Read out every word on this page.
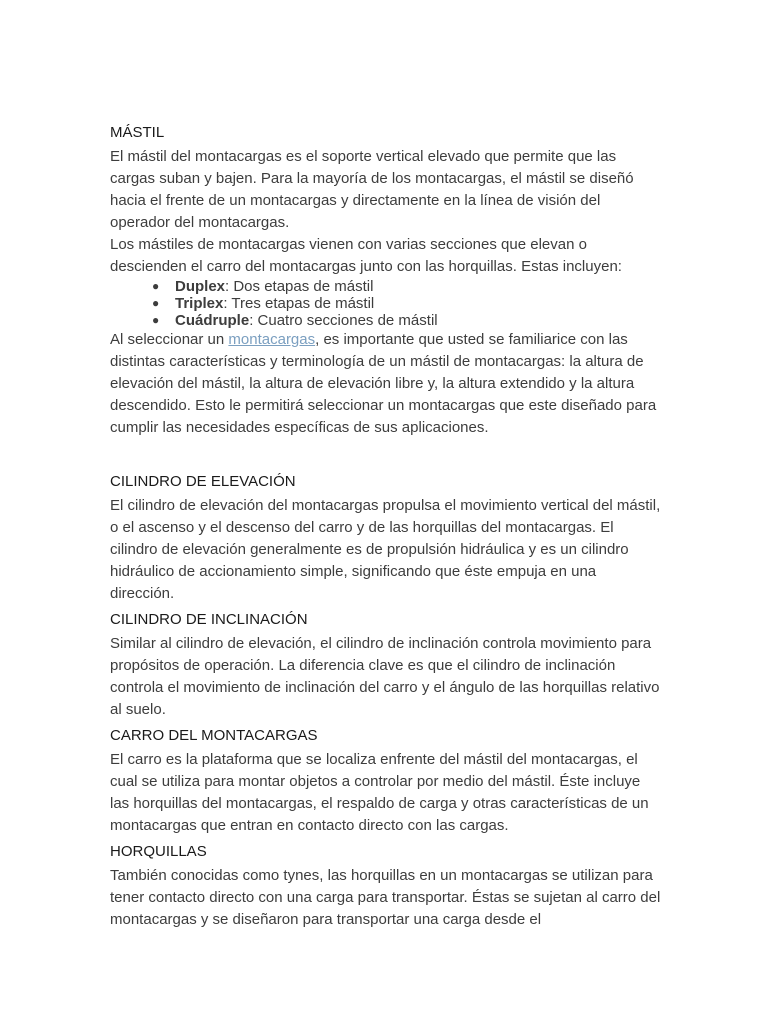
MÁSTIL

El mástil del montacargas es el soporte vertical elevado que permite que las cargas suban y bajen. Para la mayoría de los montacargas, el mástil se diseñó hacia el frente de un montacargas y directamente en la línea de visión del operador del montacargas.

Los mástiles de montacargas vienen con varias secciones que elevan o descienden el carro del montacargas junto con las horquillas. Estas incluyen:

● Duplex: Dos etapas de mástil
● Triplex: Tres etapas de mástil
● Cuádruple: Cuatro secciones de mástil

Al seleccionar un montacargas, es importante que usted se familiarice con las distintas características y terminología de un mástil de montacargas: la altura de elevación del mástil, la altura de elevación libre y, la altura extendido y la altura descendido. Esto le permitirá seleccionar un montacargas que este diseñado para cumplir las necesidades específicas de sus aplicaciones.

CILINDRO DE ELEVACIÓN

El cilindro de elevación del montacargas propulsa el movimiento vertical del mástil, o el ascenso y el descenso del carro y de las horquillas del montacargas. El cilindro de elevación generalmente es de propulsión hidráulica y es un cilindro hidráulico de accionamiento simple, significando que éste empuja en una dirección.

CILINDRO DE INCLINACIÓN

Similar al cilindro de elevación, el cilindro de inclinación controla movimiento para propósitos de operación. La diferencia clave es que el cilindro de inclinación controla el movimiento de inclinación del carro y el ángulo de las horquillas relativo al suelo.

CARRO DEL MONTACARGAS

El carro es la plataforma que se localiza enfrente del mástil del montacargas, el cual se utiliza para montar objetos a controlar por medio del mástil. Éste incluye las horquillas del montacargas, el respaldo de carga y otras características de un montacargas que entran en contacto directo con las cargas.

HORQUILLAS

También conocidas como tynes, las horquillas en un montacargas se utilizan para tener contacto directo con una carga para transportar. Éstas se sujetan al carro del montacargas y se diseñaron para transportar una carga desde el
